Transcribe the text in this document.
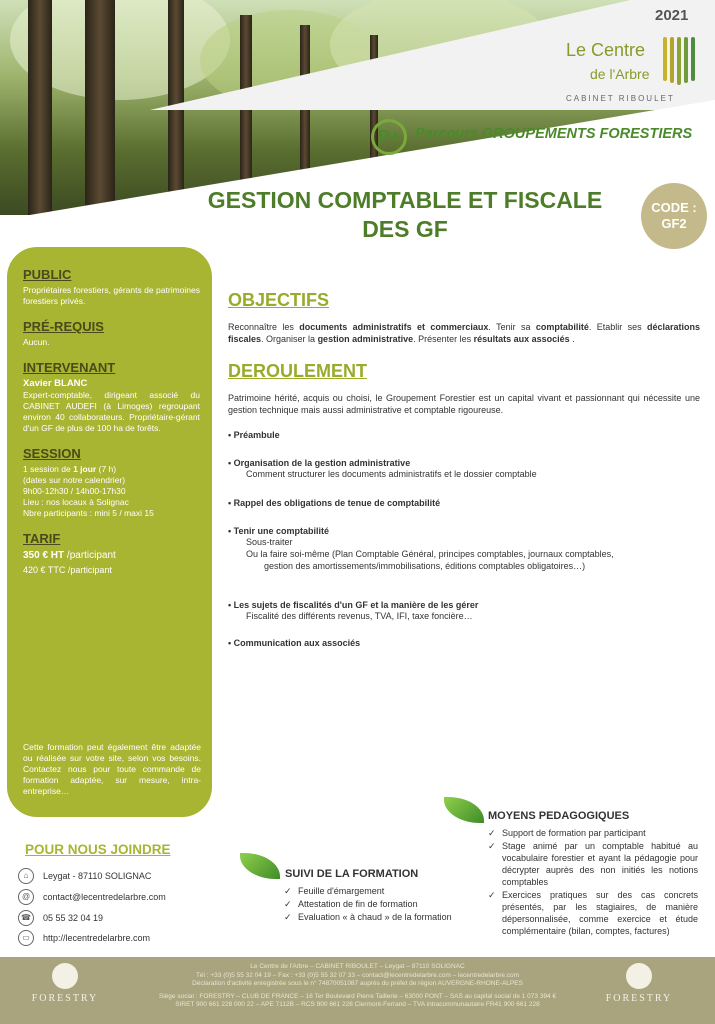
2021
Le Centre
de l'Arbre
CABINET RIBOULET
P+	Parcours GROUPEMENTS FORESTIERS
GESTION COMPTABLE ET FISCALE
DES GF
CODE :
GF2
PUBLIC
Propriétaires forestiers, gérants de patrimoines forestiers privés.
PRÉ-REQUIS
Aucun.
INTERVENANT
Xavier BLANC
Expert-comptable, dirigeant associé du CABINET AUDEFI (à Limoges) regroupant environ 40 collaborateurs. Propriétaire-gérant d'un GF de plus de 100 ha de forêts.
SESSION
1 session de 1 jour (7 h)
(dates sur notre calendrier)
9h00-12h30 / 14h00-17h30
Lieu : nos locaux à Solignac
Nbre participants : mini 5 / maxi 15
TARIF
350 € HT /participant
420 € TTC /participant
Cette formation peut également être adaptée ou réalisée sur votre site, selon vos besoins. Contactez nous pour toute commande de formation adaptée, sur mesure, intra-entreprise…
OBJECTIFS
Reconnaître les documents administratifs et commerciaux. Tenir sa comptabilité. Etablir ses déclarations fiscales. Organiser la gestion administrative. Présenter les résultats aux associés .
DEROULEMENT
Patrimoine hérité, acquis ou choisi, le Groupement Forestier est un capital vivant et passionnant qui nécessite une gestion technique mais aussi administrative et comptable rigoureuse.
• Préambule
• Organisation de la gestion administrative
Comment structurer les documents administratifs et le dossier comptable
• Rappel des obligations de tenue de comptabilité
• Tenir une comptabilité
Sous-traiter
Ou la faire soi-même (Plan Comptable Général, principes comptables, journaux comptables,
gestion des amortissements/immobilisations, éditions comptables obligatoires…)
• Les sujets de fiscalités d'un GF et la manière de les gérer
Fiscalité des différents revenus, TVA, IFI, taxe foncière…
• Communication aux associés
POUR NOUS JOINDRE
⌂	Leygat - 87110 SOLIGNAC
@	contact@lecentredelarbre.com
☎	05 55 32 04 19
▭	http://lecentredelarbre.com
SUIVI DE LA FORMATION
✓ Feuille d'émargement
✓ Attestation de fin de formation
✓ Evaluation « à chaud » de la formation
MOYENS PEDAGOGIQUES
✓ Support de formation par participant
✓ Stage animé par un comptable habitué au vocabulaire forestier et ayant la pédagogie pour décrypter auprès des non initiés les notions comptables
✓ Exercices pratiques sur des cas concrets présentés, par les stagiaires, de manière dépersonnalisée, comme exercice et étude complémentaire (bilan, comptes, factures)
FORESTRY
Le Centre de l'Arbre – CABINET RIBOULET – Leygat – 87110 SOLIGNAC
Tél : +33 (0)5 55 32 04 19 – Fax : +33 (0)5 55 32 07 33 – contact@lecentredelarbre.com – lecentredelarbre.com
Déclaration d'activité enregistrée sous le n° 74870051087 auprès du préfet de région AUVERGNE-RHONE-ALPES
Siège social : FORESTRY – CLUB DE FRANCE – 16 Ter Boulevard Pierre Taillerie – 63000 PONT – SAS au capital social de 1 073 394 €
SIRET 900 661 228 000 22 – APE 7112B – RCS 900 661 228 Clermont-Ferrand – TVA intracommunautaire FR41 900 661 228
FORESTRY
